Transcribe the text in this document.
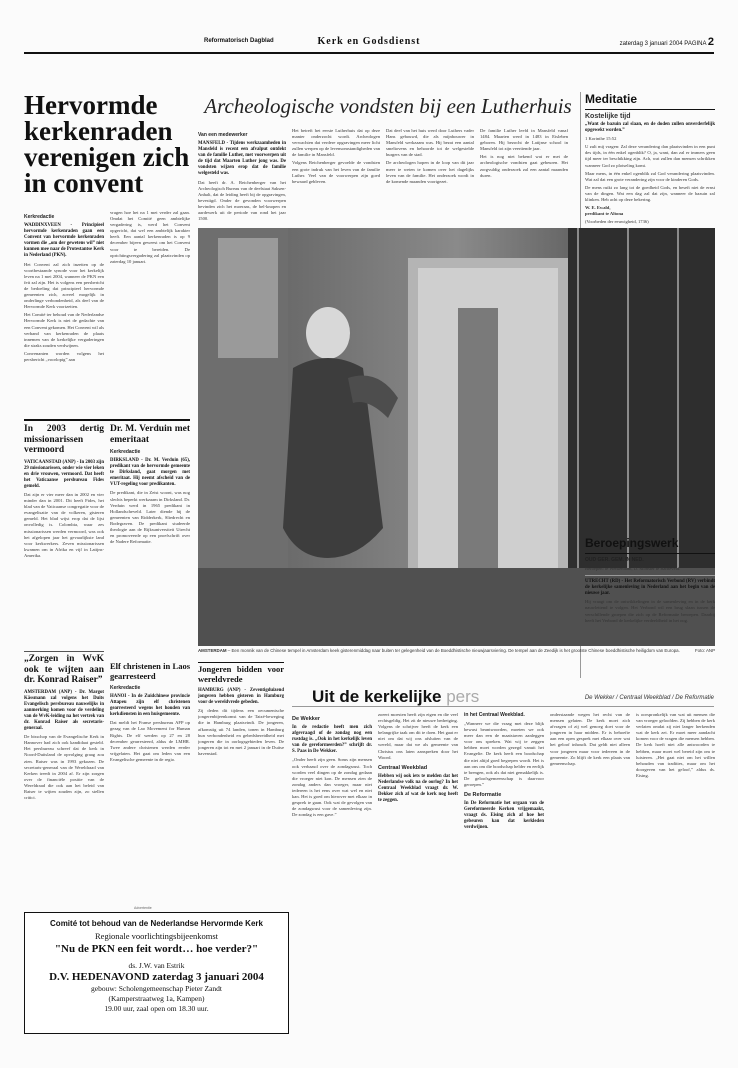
Reformatorisch Dagblad	Kerk en Godsdienst	zaterdag 3 januari 2004 PAGINA 2
Hervormde kerkenraden verenigen zich in convent
Kerkredactie

WADDINXVEEN - Principieel hervormde kerkenraden gaan een Convent van hervormde kerkenraden vormen die „om der gewetens wil” niet kunnen mee naar de Protestantse Kerk in Nederland (PKN).

Het Convent zal zich inzetten op de voortbestaande synode voor het kerkelijk leven na 1 mei 2004, wanneer de PKN een feit zal zijn. Het is volgens een persbericht de bedoeling dat principieel hervormde gemeenten zich, zoveel mogelijk in onderlinge verbondenheid, als deel van de Hervormde Kerk voortzetten.

Het Comité ter behoud van de Nederlandse Hervormde Kerk is niet de gedachte van een Convent gekomen. Het Convent wil als verband van kerkenraden de plaats innemen van de kerkelijke vergaderingen die straks zouden verdwijnen.

Convenanten worden volgens het persbericht „voorlopig” aan

vragen hoe het na 1 mei verder zal gaan. Omdat het Comité geen ambtelijke vergadering is, werd het Convent opgericht, dat wel een ambtelijk karakter heeft. Een aantal kerkenraden is op 9 december bijeen geweest om het Convent voor te bereiden. De oprichtingsvergadering zal plaatsvinden op zaterdag 10 januari.

In 2003 dertig missionarissen vermoord

VATICAANSTAD (ANP) - In 2003 zijn 29 missionarissen, onder wie vier leken en drie vrouwen, vermoord. Dat heeft het Vaticaanse persbureau Fides gemeld.

Dat zijn er vier meer dan in 2002 en vier minder dan in 2001. Dit heeft Fides, het blad van de Vaticaanse congregatie voor de evangelisatie van de volkeren, gisteren gemeld. Het blad wijst erop dat de lijst onvolledig is. Colombia, waar zes missionarissen werden vermoord, was ook het afgelopen jaar het gevaarlijkste land voor kerkwerkers. Zeven missionarissen kwamen om in Afrika en vijf in Latijns-Amerika.

Dr. M. Verduin met emeritaat
Kerkredactie

DIRKSLAND - Dr. M. Verduin (65), predikant van de hervormde gemeente te Dirksland, gaat morgen met emeritaat. Hij neemt afscheid van de VUT-regeling voor predikanten.

De predikant, die in Zeist woont, was nog slechts beperkt werkzaam in Dirksland. Dr. Verduin werd in 1965 predikant in Hollandscheveld. Later diende hij de gemeenten van Ridderkerk, Sliedrecht en Bodegraven. De predikant studeerde theologie aan de Rijksuniversiteit Utrecht en promoveerde op een proefschrift over de Nadere Reformatie.

„Zorgen in WvK ook te wijten aan dr. Konrad Raiser”

AMSTERDAM (ANP) - Dr. Margot Kässmann zal volgens het Duits Evangelisch persbureau nauwelijks in aanmerking komen voor de verdeling van de WvK-leiding na het vertrek van dr. Konrad Raiser als secretaris-generaal.

De bisschop van de Evangelische Kerk in Hannover had zich ook kandidaat gesteld. Het persbureau schreef dat de kerk in Noord-Duitsland de opvolging graag zou zien. Raiser was in 1993 gekozen. De secretaris-generaal van de Wereldraad van Kerken treedt in 2004 af. Er zijn zorgen over de financiële positie van de Wereldraad die ook aan het beleid van Raiser te wijten zouden zijn, zo stellen critici.

Elf christenen in Laos gearresteerd
Kerkredactie

HANOI - In de Zuidchinese provincie Attapeu zijn elf christenen gearresteerd wegens het houden van kerkdiensten in een huisgemeente.

Dat meldt het Franse persbureau AFP op gezag van de Lao Movement for Human Rights. De elf werden op 27 en 28 december gearresteerd, aldus de LMHR. Twee andere christenen werden eerder vrijgelaten. Het gaat om leden van een Evangelische gemeente in de regio.

Jongeren bidden voor wereldvrede

HAMBURG (ANP) - Zeventigduizend jongeren hebben gisteren in Hamburg voor de wereldvrede gebeden.

Zij deden dit tijdens een oecumenische jongerenbijeenkomst van de Taizé-beweging die in Hamburg plaatsvindt. De jongeren, afkomstig uit 74 landen, tonen in Hamburg hun verbondenheid en gebedsbereidheid met jongeren die in oorlogsgebieden leven. De jongeren zijn tot en met 2 januari in de Duitse havenstad.

Archeologische vondsten bij een Lutherhuis
Van een medewerker

MANSFELD - Tijdens werkzaamheden in Mansfeld is recent een afvalput ontdekt van de familie Luther, met voorwerpen uit de tijd dat Maarten Luther jong was. De vondsten wijzen erop dat de familie welgesteld was.

Dat heeft dr. A. Reichenberger van het Archeologisch Bureau van de deelstaat Saksen-Anhalt, dat de leiding heeft bij de opgravingen, bevestigd. Onder de gevonden voorwerpen bevinden zich het moeraas, de bel-knopen en aardewerk uit de periode van rond het jaar 1500.

Het betreft het eerste Lutherhuis dat op deze manier onderzocht wordt. Archeologen verwachten dat verdere opgravingen meer licht zullen werpen op de levensomstandigheden van de familie in Mansfeld.

Volgens Reichenberger gevoelde de vondsten een grote indruk van het leven van de familie Luther. Veel van de voorwerpen zijn goed bewaard gebleven.

Dat deel van het huis werd door Luthers vader Hans gebouwd, die als mijnbouwer in Mansfeld werkzaam was. Hij bezat een aantal smeltovens en behoorde tot de welgestelde burgers van de stad.

De archeologen hopen in de loop van dit jaar meer te weten te komen over het dagelijks leven van de familie. Het onderzoek wordt in de komende maanden voortgezet.

De familie Luther leefd in Mansfeld vanaf 1484. Maarten werd in 1483 in Eisleben geboren. Hij bezocht de Latijnse school in Mansfeld tot zijn veertiende jaar.

Het is nog niet bekend wat er met de archeologische vondsten gaat gebeuren. Het zorgvuldig onderzoek zal een aantal maanden duren.

Meditatie
Kostelijke tijd

„Want de bazuin zal slaan, en de doden zullen onverderfelijk opgewekt worden.”

1 Korinthe 15:52

U zult mij vragen: Zal deze verandering dan plaatsvinden in een punt des tijds, in één enkel ogenblik? O, ja, want, dan zal er immers geen tijd meer ter beschikking zijn. Ach, wat zullen dan mensen schrikken wanneer God zo plotseling komt.

Maar mens, in één enkel ogenblik zal God verandering plaatsvinden. Wat zal dat een grote verandering zijn voor de kinderen Gods.

De mens ruikt zo lang tot de goedheid Gods, en beseft niet de ernst van de dingen. Wat een dag zal dat zijn, wanneer de bazuin zal klinken. Heb acht op deze bekering.

W. E. Ewald,

predikant te Altona

(Voorbeden der eeuwigheid, 1736)

AMSTERDAM – Een monnik van de Chinese tempel in Amsterdam keek gisterenmiddag naar buiten ter gelegenheid van de Boeddhistische nieuwjaarsviering. De tempel aan de Zeedijk is het grootste Chinese boeddhistische heiligdom van Europa.	Foto: ANP
Uit de kerkelijke pers	De Wekker / Centraal Weekblad / De Reformatie
De Wekker

In de redactie heeft men zich afgevraagd of de zondag nog een rustdag is. „Ook in het kerkelijk leven van de gereformeerden?” schrijft dr. S. Paas in De Wekker.

„Onder heeft zijn geen. Soms zijn mensen ook verbaasd over de zondagsrust. Toch worden veel dingen op de zondag gedaan die vroeger niet kon. De mensen zien de zondag anders dan vroeger, maar niet iedereen is het eens over wat wel en niet kan. Het is goed om hierover met elkaar in gesprek te gaan. Ook wat de gevolgen van de zondagsrust voor de samenleving zijn. De zondag is een gave.”

zoeert moesten heeft zijn eigen en die veel rechtsgeldig. Het zit de nieuwe bedreiging. Volgens de schrijver heeft de kerk een belangrijke taak om dit te doen. Het gaat er niet om dat wij ons afsluiten van de wereld, maar dat we als gemeente van Christus ons laten aanspreken door het Woord.

Centraal Weekblad

Hebben wij ook iets te melden dat het Nederlandse volk na de oorlog? In het Centraal Weekblad vraagt dr. W. Dekker zich af wat de kerk nog heeft te zeggen.

in het Centraal Weekblad.

„Wanneer we die vraag met deze blijk bewust beantwoorden, moeten we ook meer dan een de maatstaven aanleggen voor ons spreken. Wat wij te zeggen hebben moet worden gezegd vanuit het Evangelie. De kerk heeft een boodschap die niet altijd goed begrepen wordt. Het is aan ons om die boodschap helder en eerlijk te brengen, ook als dat niet gemakkelijk is. De geloofsgemeenschap is daarvoor geroepen.”

De Reformatie

In De Reformatie het orgaan van de Gereformeerde Kerken vrijgemaakt, vraagt ds. Eising zich af hoe het gebeuren kan dat kerkleden verdwijnen.

onderstaande wegen het recht van de mensen gelaten. De kerk moet zich afvragen of zij wel genoeg doet voor de jongeren in haar midden. Er is behoefte aan een open gesprek met elkaar over wat het geloof inhoudt. Dat geldt niet alleen voor jongeren maar voor iedereen in de gemeente. Zo blijft de kerk een plaats van gemeenschap.

is oorspronkelijk van wat uit mensen die van vroeger geloofden. Zij hebben de kerk verlaten omdat zij niet langer herkenden wat de kerk zei. Er moet meer aandacht komen voor de vragen die mensen hebben. De kerk hoeft niet alle antwoorden te hebben, maar moet wel bereid zijn om te luisteren. „Het gaat niet om het willen behouden van tradities, maar om het doorgeven van het geloof,” aldus ds. Eising.

Beroepingswerk
OUD GER. GEM. IN NED.

Beroepen: te Werkendam, D. Monster te Barneveld.

UTRECHT (RD) - Het Reformatorisch Verbond (RV) verbindt de kerkelijke samenleving in Nederland aan het begin van de nieuwe jaar.

Hij vraagt om de ontwikkelingen in de samenleving en in de kerk nauwlettend te volgen. Het Verbond wil een brug slaan tussen de verschillende groepen die zich op de Reformatie beroepen. Daarbij heeft het Verbond de kerkelijke verdeeldheid in het oog.

Advertentie
Comité tot behoud van de Nederlandse Hervormde Kerk
Regionale voorlichtingsbijeenkomst
"Nu de PKN een feit wordt… hoe verder?"
ds. J.W. van Estrik
D.V. HEDENAVOND zaterdag 3 januari 2004
gebouw: Scholengemeenschap Pieter Zandt
(Kamperstraatweg 1a, Kampen)
19.00 uur, zaal open om 18.30 uur.
